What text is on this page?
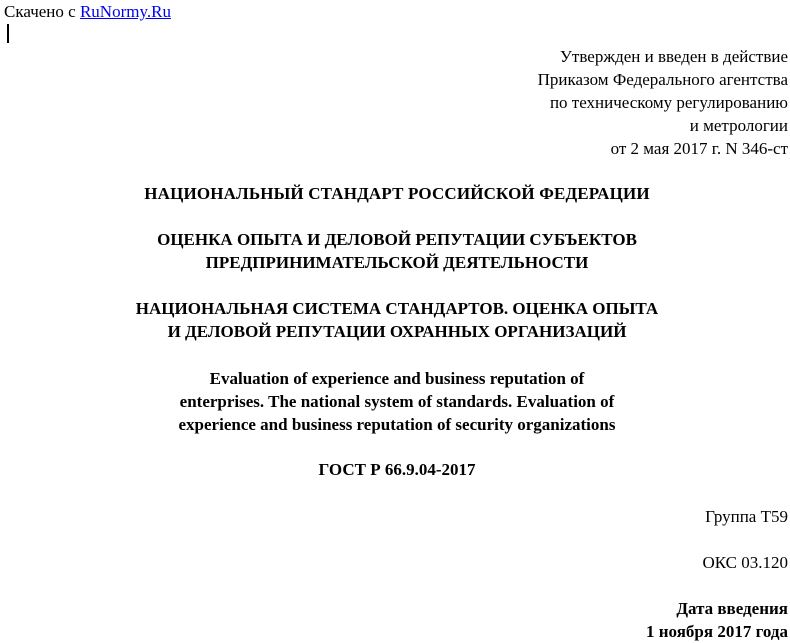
Скачено с RuNormy.Ru
Утвержден и введен в действие
Приказом Федерального агентства
по техническому регулированию
и метрологии
от 2 мая 2017 г. N 346-ст
НАЦИОНАЛЬНЫЙ СТАНДАРТ РОССИЙСКОЙ ФЕДЕРАЦИИ
ОЦЕНКА ОПЫТА И ДЕЛОВОЙ РЕПУТАЦИИ СУБЪЕКТОВ
ПРЕДПРИНИМАТЕЛЬСКОЙ ДЕЯТЕЛЬНОСТИ
НАЦИОНАЛЬНАЯ СИСТЕМА СТАНДАРТОВ. ОЦЕНКА ОПЫТА
И ДЕЛОВОЙ РЕПУТАЦИИ ОХРАННЫХ ОРГАНИЗАЦИЙ
Evaluation of experience and business reputation of
enterprises. The national system of standards. Evaluation of
experience and business reputation of security organizations
ГОСТ Р 66.9.04-2017
Группа Т59
ОКС 03.120
Дата введения
1 ноября 2017 года
